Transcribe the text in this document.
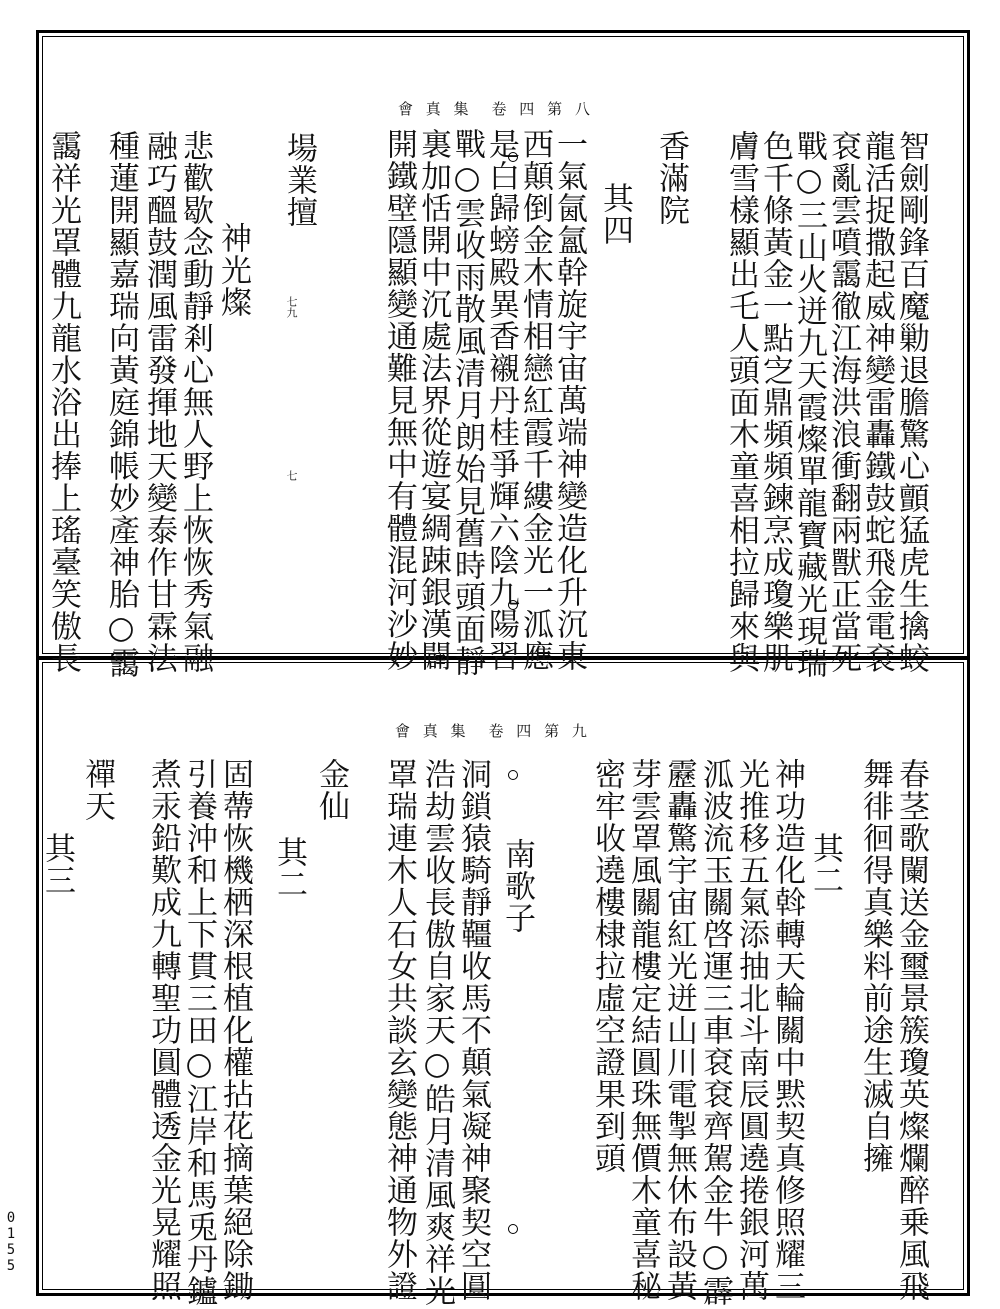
會 真 集　卷 四 第 八
會 真 集　卷 四 第 九
智劍剛鋒百魔勦退膽驚心顫猛虎生擒蛟
龍活捉撒起威神變雷轟鐵鼓蛇飛金電袞
袞亂雲噴靄徹江海洪浪衝翻兩獸正當死
戰○三山火迸九天霞燦單龍寶藏光現瑞
色千條黃金一點㝎鼎頻頻鍊烹成瓊樂肌
膚雪樣顯出乇人頭面木童喜相拉歸來與
香滿院
其四
一氣氤氳幹旋宇宙萬端神變造化升沉東
西顛倒金木情相戀紅霞千縷金光一泒應
是白歸螃殿異香襯丹桂爭輝六陰九陽習
戰○雲收雨散風清月朗始見舊時頭面靜
裏加恬開中沉處法界從遊宴綢踈銀漢闢
開鐵壁隱顯變通難見無中有體混河沙妙
場業擅
神光燦
悲歡歇念動靜剎心無人野上恢恢秀氣融
融巧醞鼓潤風雷發揮地天變泰作甘霖法
種蓮開顯嘉瑞向黃庭錦帳妙產神胎○靄
靄祥光罩體九龍水浴出捧上瑤臺笑傲長
春茎歌闌送金璽景簇瓊英燦爛醉乗風飛
舞徘徊得真樂料前途生滅自擁
其二
神功造化斡轉天輪關中黙契真修照耀三
光推移五氣添抽北斗南辰圓遶捲銀河萬
泒波流玉關啓運三車袞袞齊駕金牛○霹
靂轟驚宇宙紅光迸山川電掣無休布設黃
芽雲罩風關龍樓定結圓珠無價木童喜秘
密牢收遶樓棣拉虛空證果到頭
南歌子
洞鎖猿騎靜韁收馬不顛氣凝神聚契空圓
浩劫雲收長傲自家天○皓月清風爽祥光
罩瑞連木人石女共談玄變態神通物外證
金仙
其二
固蔕恢機栖深根植化權拈花摘葉絕除鋤
引養沖和上下貫三田○江岸和馬兎丹鑪
煮汞鉛歎成九轉聖功圓體透金光晃耀照
禪天
其三
七九
七
0155
